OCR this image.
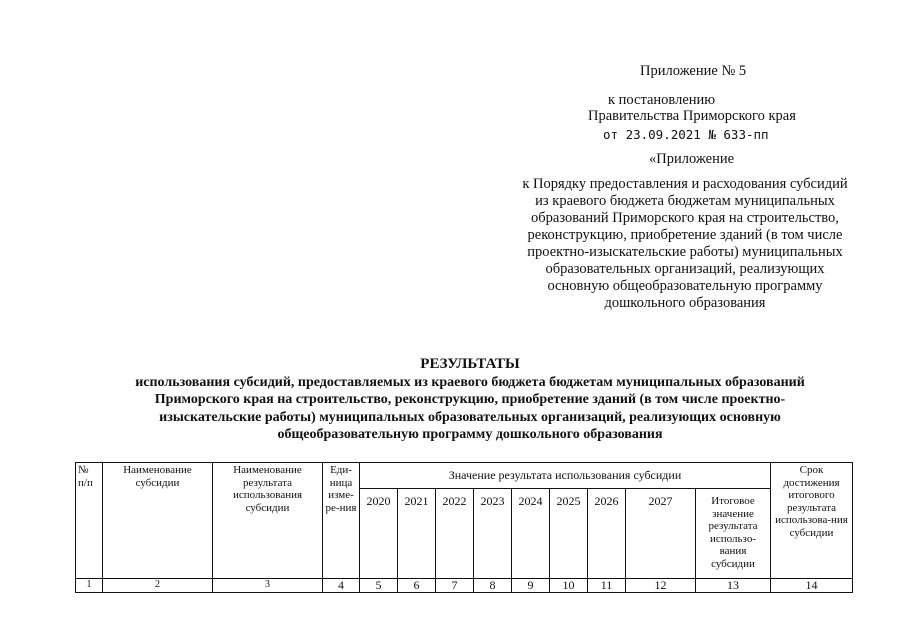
Приложение № 5
к постановлению
Правительства Приморского края
от 23.09.2021 № 633-пп
«Приложение
к Порядку предоставления и расходования субсидий
из краевого бюджета бюджетам муниципальных
образований Приморского края на строительство,
реконструкцию, приобретение зданий (в том числе
проектно-изыскательские работы) муниципальных
образовательных организаций, реализующих
основную общеобразовательную программу
дошкольного образования
РЕЗУЛЬТАТЫ
использования субсидий, предоставляемых из краевого бюджета бюджетам муниципальных образований
Приморского края на строительство, реконструкцию, приобретение зданий (в том числе проектно-
изыскательские работы) муниципальных образовательных организаций, реализующих основную
общеобразовательную программу дошкольного образования
№ п/п	Наименование субсидии	Наименование результата использования субсидии	Еди-ница изме-ре-ния	Значение результата использования субсидии									Срок достижения итогового результата использова-ния субсидии
				2020	2021	2022	2023	2024	2025	2026	2027	Итоговое значение результата использо-вания субсидии	
1	2	3	4	5	6	7	8	9	10	11	12	13	14
